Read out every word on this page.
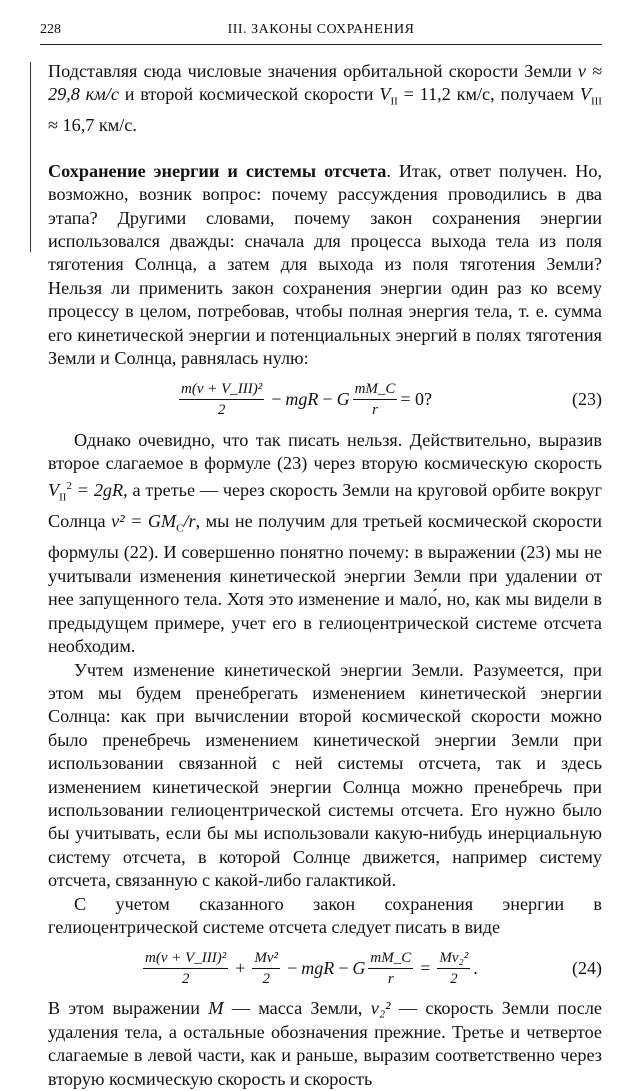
228	III. ЗАКОНЫ СОХРАНЕНИЯ

Подставляя сюда числовые значения орбитальной скорости Земли v ≈ 29,8 км/с и второй космической скорости $V_{II} = 11,2$ км/с, получаем $V_{III} \approx 16,7$ км/с.

Сохранение энергии и системы отсчета. Итак, ответ получен. Но, возможно, возник вопрос: почему рассуждения проводились в два этапа? Другими словами, почему закон сохранения энергии использовался дважды: сначала для процесса выхода тела из поля тяготения Солнца, а затем для выхода из поля тяготения Земли? Нельзя ли применить закон сохранения энергии один раз ко всему процессу в целом, потребовав, чтобы полная энергия тела, т. е. сумма его кинетической энергии и потенциальных энергий в полях тяготения Земли и Солнца, равнялась нулю:

$\frac{\text{m(v + V\_III)²}}{2}$ − mgR − G $\frac{mM\_C}{r} = 0$?	(23)

Однако очевидно, что так писать нельзя. Действительно, выразив второе слагаемое в формуле (23) через вторую космическую скорость $V_{II}^2 = 2gR$, а третье — через скорость Земли на круговой орбите вокруг Солнца $v^2 = GM_C/r$, мы не получим для третьей космической скорости формулы (22). И совершенно понятно почему: в выражении (23) мы не учитывали изменения кинетической энергии Земли при удалении от нее запущенного тела. Хотя это изменение и мало́, но, как мы видели в предыдущем примере, учет его в гелиоцентрической системе отсчета необходим.

Учтем изменение кинетической энергии Земли. Разумеется, при этом мы будем пренебрегать изменением кинетической энергии Солнца: как при вычислении второй космической скорости можно было пренебречь изменением кинетической энергии Земли при использовании связанной с ней системы отсчета, так и здесь изменением кинетической энергии Солнца можно пренебречь при использовании гелиоцентрической системы отсчета. Его нужно было бы учитывать, если бы мы использовали какую-нибудь инерциальную систему отсчета, в которой Солнце движется, например систему отсчета, связанную с какой-либо галактикой.

С учетом сказанного закон сохранения энергии в гелиоцентрической системе отсчета следует писать в виде

$\frac{\text{m(v + V\_III)²}}{2} + \frac{\text{Mv²}}{2}$ − mgR − G $\frac{mM\_C}{r} = \frac{\text{Mv₂²}}{2}$ .	(24)

В этом выражении M — масса Земли, v₂² — скорость Земли после удаления тела, а остальные обозначения прежние. Третье и четвертое слагаемые в левой части, как и раньше, выразим соответственно через вторую космическую скорость и скорость
